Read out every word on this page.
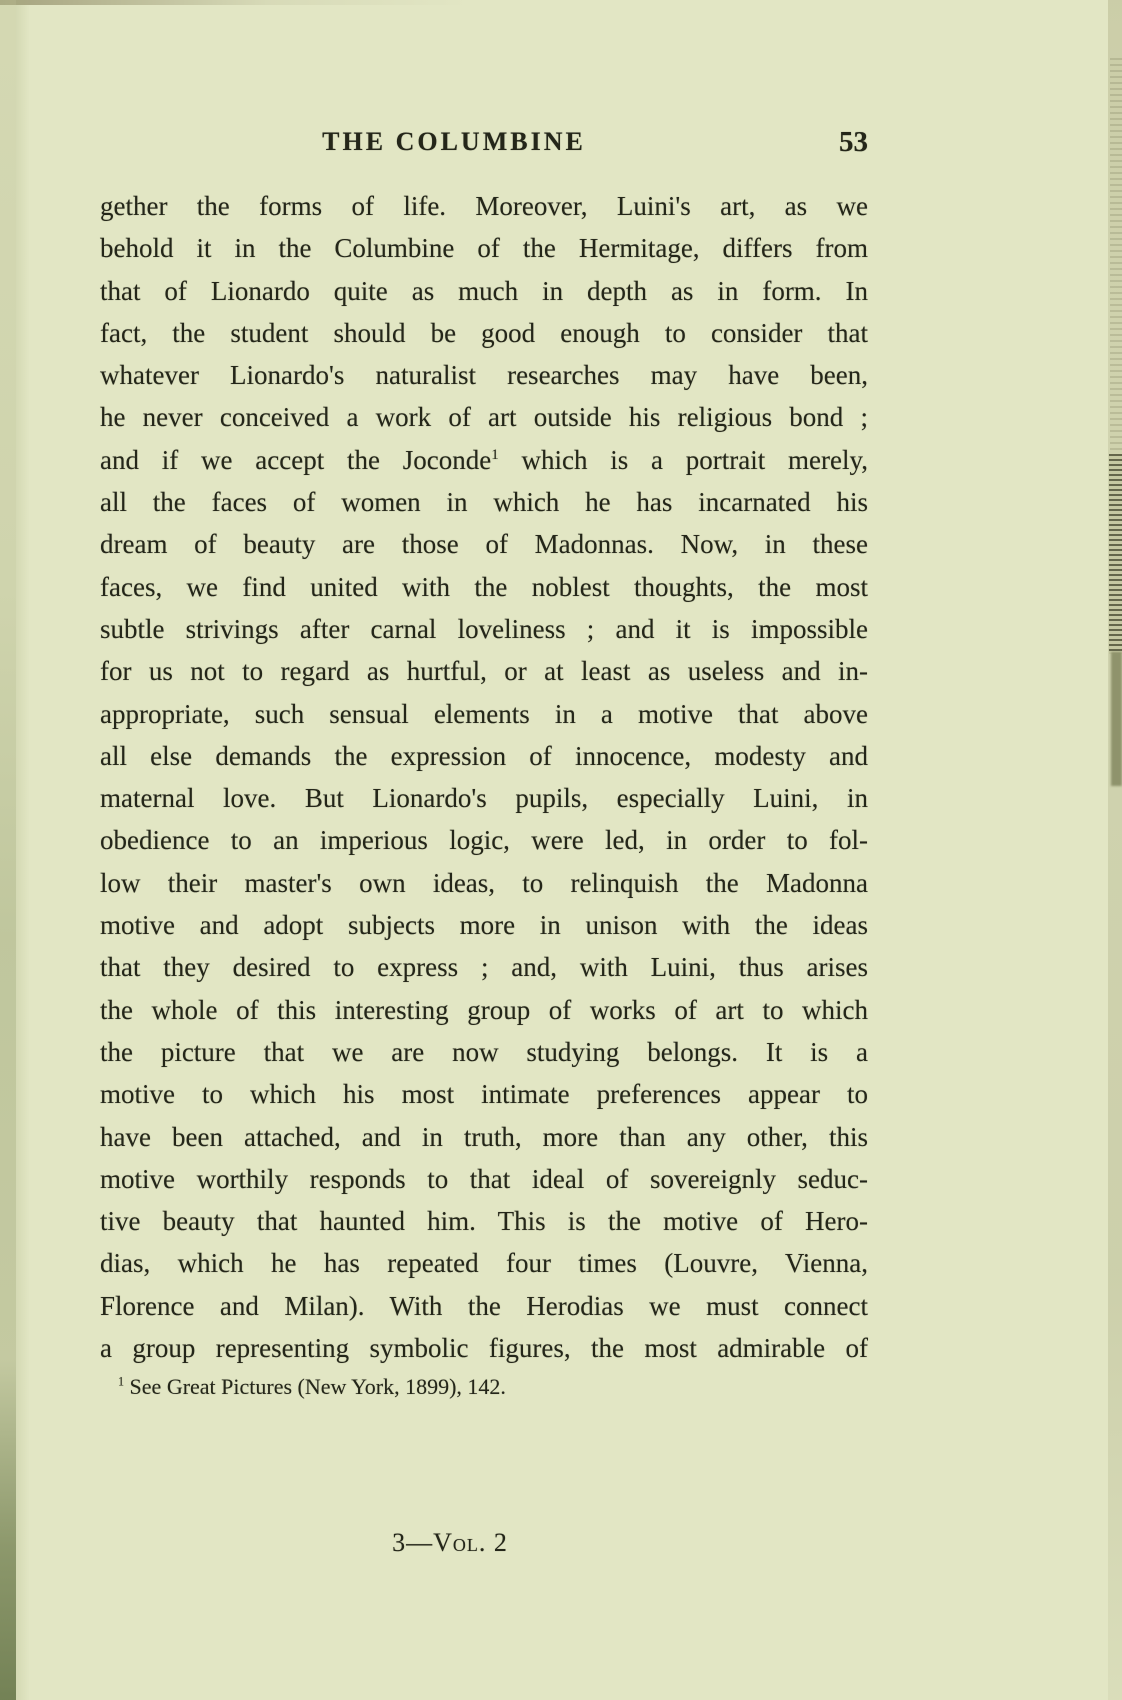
THE COLUMBINE	53
gether the forms of life. Moreover, Luini's art, as we
behold it in the Columbine of the Hermitage, differs from
that of Lionardo quite as much in depth as in form. In
fact, the student should be good enough to consider that
whatever Lionardo's naturalist researches may have been,
he never conceived a work of art outside his religious bond ;
and if we accept the Joconde$^1$ which is a portrait merely,
all the faces of women in which he has incarnated his
dream of beauty are those of Madonnas. Now, in these
faces, we find united with the noblest thoughts, the most
subtle strivings after carnal loveliness ; and it is impossible
for us not to regard as hurtful, or at least as useless and in-
appropriate, such sensual elements in a motive that above
all else demands the expression of innocence, modesty and
maternal love. But Lionardo's pupils, especially Luini, in
obedience to an imperious logic, were led, in order to fol-
low their master's own ideas, to relinquish the Madonna
motive and adopt subjects more in unison with the ideas
that they desired to express ; and, with Luini, thus arises
the whole of this interesting group of works of art to which
the picture that we are now studying belongs. It is a
motive to which his most intimate preferences appear to
have been attached, and in truth, more than any other, this
motive worthily responds to that ideal of sovereignly seduc-
tive beauty that haunted him. This is the motive of Hero-
dias, which he has repeated four times (Louvre, Vienna,
Florence and Milan). With the Herodias we must connect
a group representing symbolic figures, the most admirable of
$^1$ See Great Pictures (New York, 1899), 142.
3—Vol. 2
